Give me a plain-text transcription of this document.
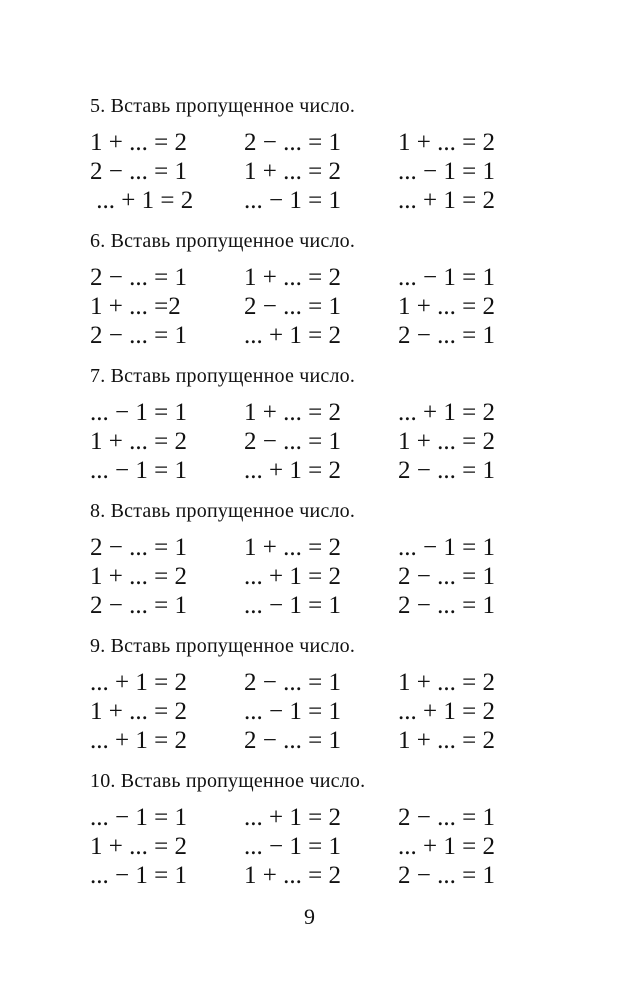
5. Вставь пропущенное число.
1 + ... = 2	2 − ... = 1	1 + ... = 2
2 − ... = 1	1 + ... = 2	... − 1 = 1
... + 1 = 2	... − 1 = 1	... + 1 = 2
6. Вставь пропущенное число.
2 − ... = 1	1 + ... = 2	... − 1 = 1
1 + ... =2	2 − ... = 1	1 + ... = 2
2 − ... = 1	... + 1 = 2	2 − ... = 1
7. Вставь пропущенное число.
... − 1 = 1	1 + ... = 2	... + 1 = 2
1 + ... = 2	2 − ... = 1	1 + ... = 2
... − 1 = 1	... + 1 = 2	2 − ... = 1
8. Вставь пропущенное число.
2 − ... = 1	1 + ... = 2	... − 1 = 1
1 + ... = 2	... + 1 = 2	2 − ... = 1
2 − ... = 1	... − 1 = 1	2 − ... = 1
9. Вставь пропущенное число.
... + 1 = 2	2 − ... = 1	1 + ... = 2
1 + ... = 2	... − 1 = 1	... + 1 = 2
... + 1 = 2	2 − ... = 1	1 + ... = 2
10. Вставь пропущенное число.
... − 1 = 1	... + 1 = 2	2 − ... = 1
1 + ... = 2	... − 1 = 1	... + 1 = 2
... − 1 = 1	1 + ... = 2	2 − ... = 1
9
